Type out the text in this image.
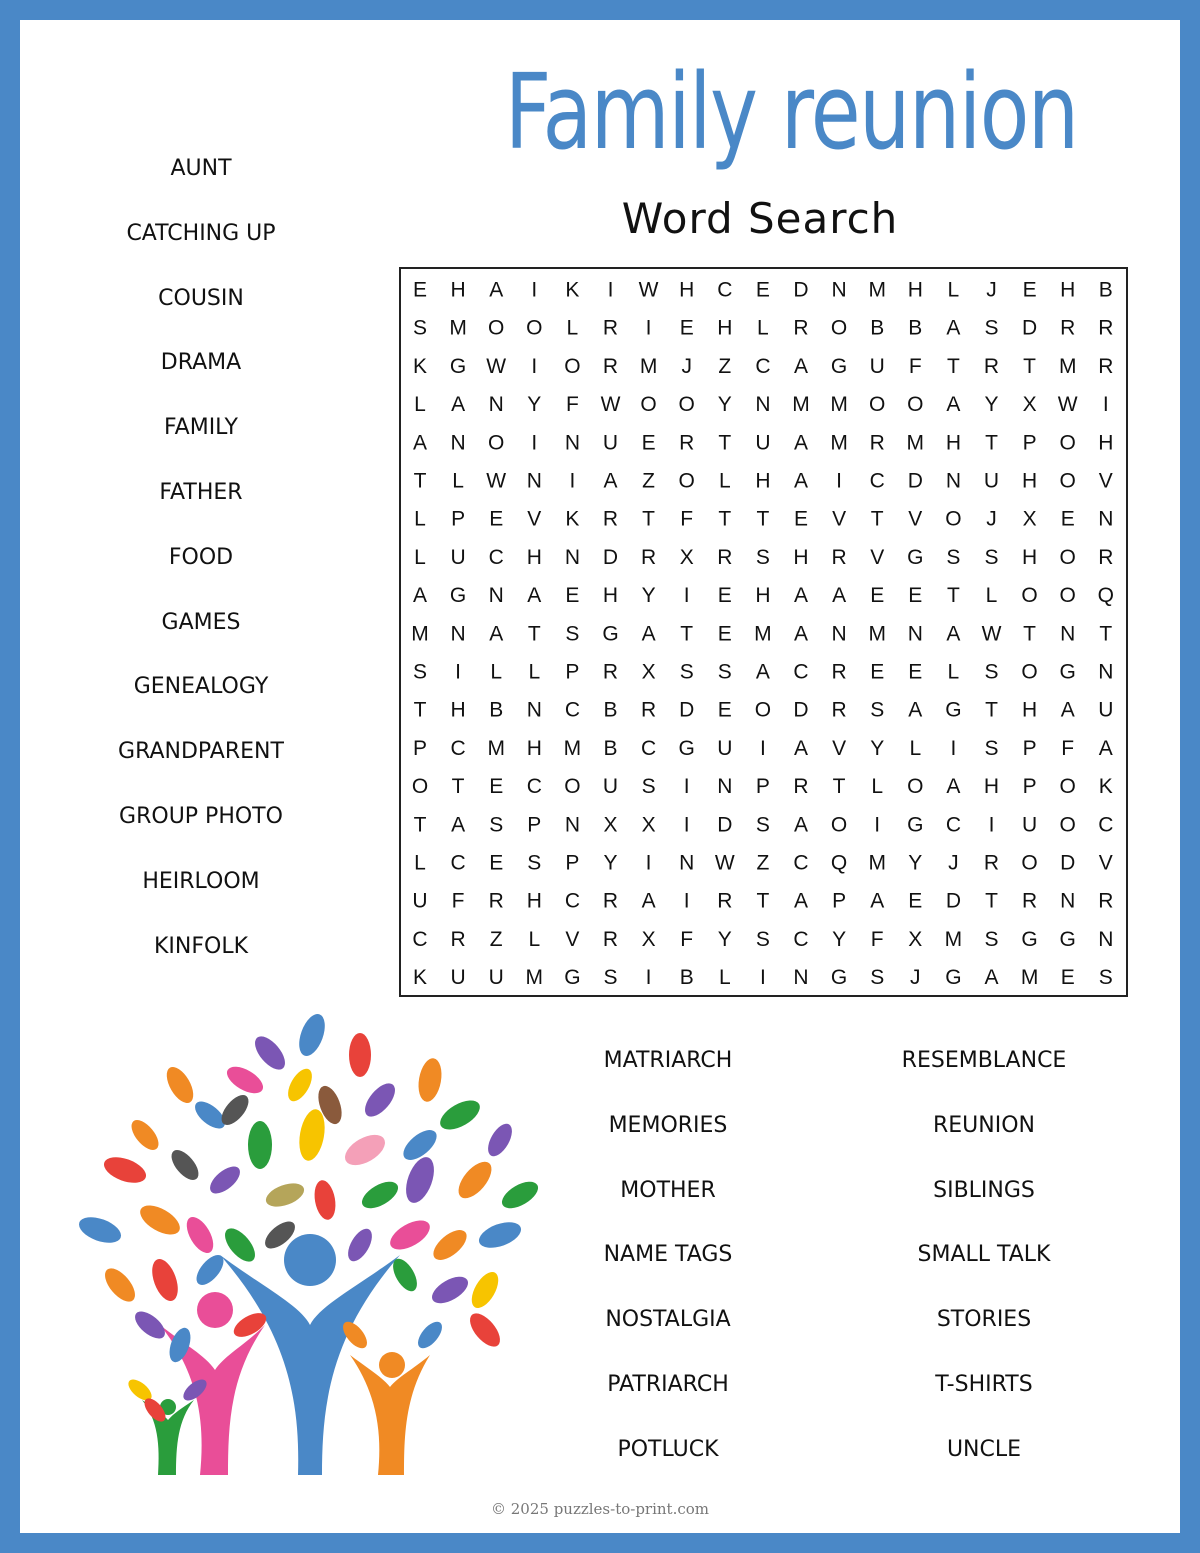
Family reunion
Word Search
AUNT
CATCHING UP
COUSIN
DRAMA
FAMILY
FATHER
FOOD
GAMES
GENEALOGY
GRANDPARENT
GROUP PHOTO
HEIRLOOM
KINFOLK
E H A I K I W H C E D N M H L J E H B
S M O O L R I E H L R O B B A S D R R
K G W I O R M J Z C A G U F T R T M R
L A N Y F W O O Y N M M O O A Y X W I
A N O I N U E R T U A M R M H T P O H
T L W N I A Z O L H A I C D N U H O V
L P E V K R T F T T E V T V O J X E N
L U C H N D R X R S H R V G S S H O R
A G N A E H Y I E H A A E E T L O O Q
M N A T S G A T E M A N M N A W T N T
S I L L P R X S S A C R E E L S O G N
T H B N C B R D E O D R S A G T H A U
P C M H M B C G U I A V Y L I S P F A
O T E C O U S I N P R T L O A H P O K
T A S P N X X I D S A O I G C I U O C
L C E S P Y I N W Z C Q M Y J R O D V
U F R H C R A I R T A P A E D T R N R
C R Z L V R X F Y S C Y F X M S G G N
K U U M G S I B L I N G S J G A M E S
MATRIARCH
MEMORIES
MOTHER
NAME TAGS
NOSTALGIA
PATRIARCH
POTLUCK
RESEMBLANCE
REUNION
SIBLINGS
SMALL TALK
STORIES
T-SHIRTS
UNCLE
© 2025 puzzles-to-print.com
